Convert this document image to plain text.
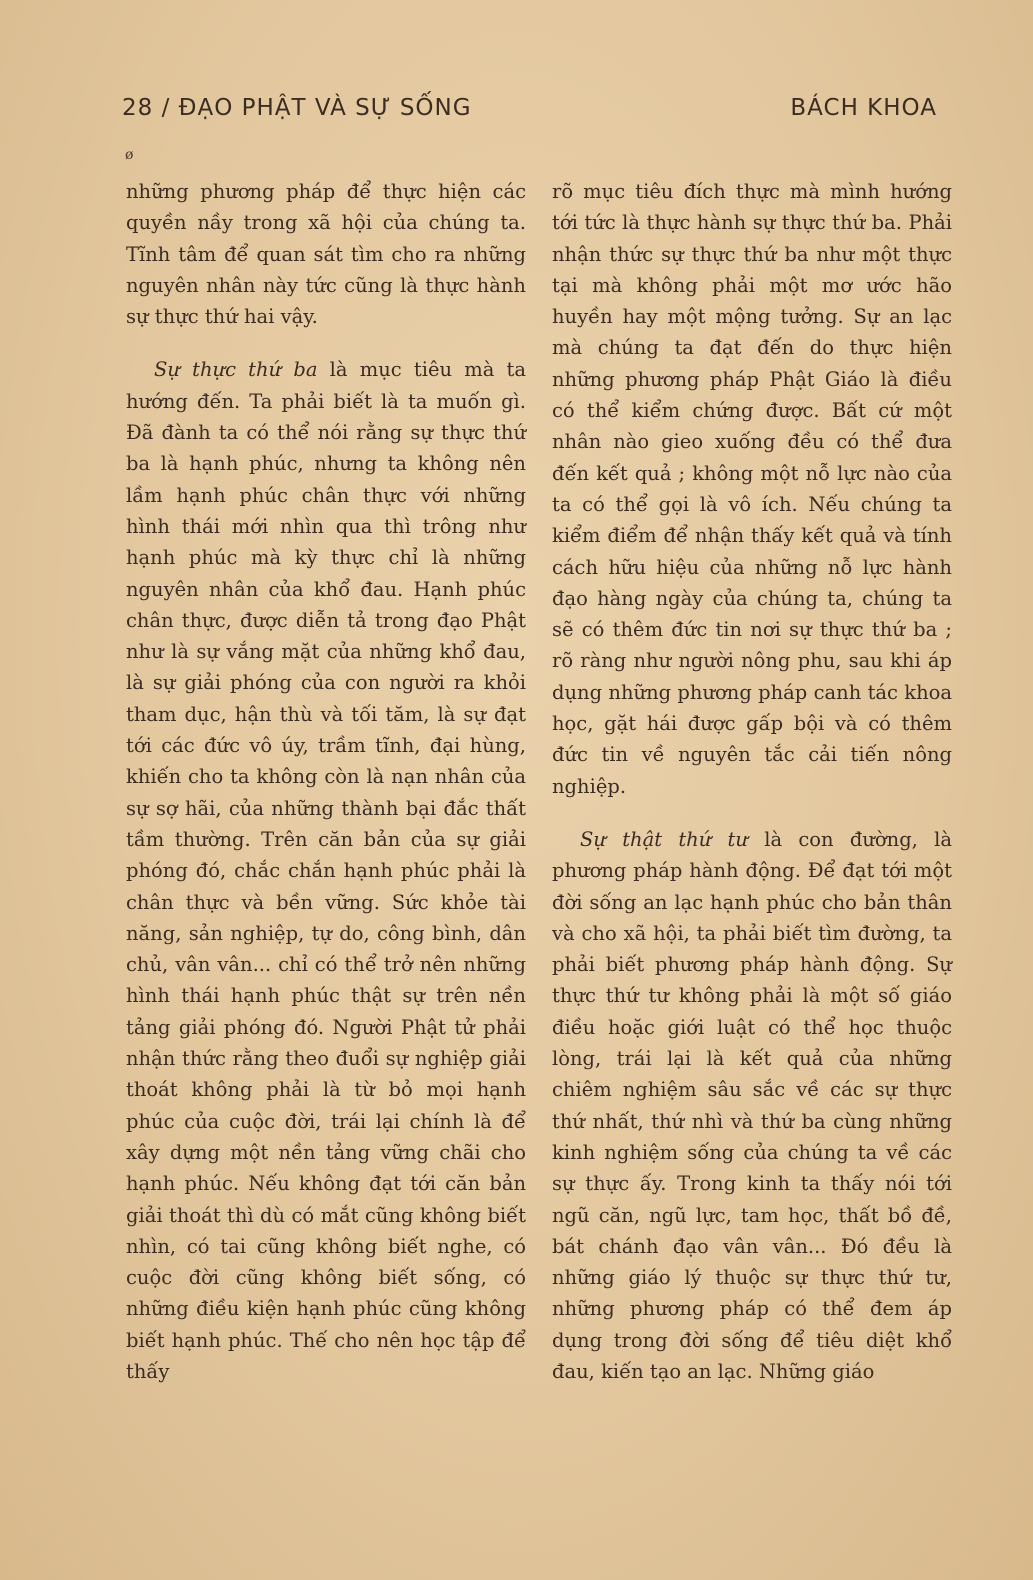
28 / ĐẠO PHẬT VÀ SỰ SỐNG	BÁCH KHOA
ø

những phương pháp để thực hiện các quyền nầy trong xã hội của chúng ta. Tĩnh tâm để quan sát tìm cho ra những nguyên nhân này tức cũng là thực hành sự thực thứ hai vậy.

Sự thực thứ ba là mục tiêu mà ta hướng đến. Ta phải biết là ta muốn gì. Đã đành ta có thể nói rằng sự thực thứ ba là hạnh phúc, nhưng ta không nên lầm hạnh phúc chân thực với những hình thái mới nhìn qua thì trông như hạnh phúc mà kỳ thực chỉ là những nguyên nhân của khổ đau. Hạnh phúc chân thực, được diễn tả trong đạo Phật như là sự vắng mặt của những khổ đau, là sự giải phóng của con người ra khỏi tham dục, hận thù và tối tăm, là sự đạt tới các đức vô úy, trầm tĩnh, đại hùng, khiến cho ta không còn là nạn nhân của sự sợ hãi, của những thành bại đắc thất tầm thường. Trên căn bản của sự giải phóng đó, chắc chắn hạnh phúc phải là chân thực và bền vững. Sức khỏe tài năng, sản nghiệp, tự do, công bình, dân chủ, vân vân... chỉ có thể trở nên những hình thái hạnh phúc thật sự trên nền tảng giải phóng đó. Người Phật tử phải nhận thức rằng theo đuổi sự nghiệp giải thoát không phải là từ bỏ mọi hạnh phúc của cuộc đời, trái lại chính là để xây dựng một nền tảng vững chãi cho hạnh phúc. Nếu không đạt tới căn bản giải thoát thì dù có mắt cũng không biết nhìn, có tai cũng không biết nghe, có cuộc đời cũng không biết sống, có những điều kiện hạnh phúc cũng không biết hạnh phúc. Thế cho nên học tập để thấy

rõ mục tiêu đích thực mà mình hướng tới tức là thực hành sự thực thứ ba. Phải nhận thức sự thực thứ ba như một thực tại mà không phải một mơ ước hão huyền hay một mộng tưởng. Sự an lạc mà chúng ta đạt đến do thực hiện những phương pháp Phật Giáo là điều có thể kiểm chứng được. Bất cứ một nhân nào gieo xuống đều có thể đưa đến kết quả ; không một nỗ lực nào của ta có thể gọi là vô ích. Nếu chúng ta kiểm điểm để nhận thấy kết quả và tính cách hữu hiệu của những nỗ lực hành đạo hàng ngày của chúng ta, chúng ta sẽ có thêm đức tin nơi sự thực thứ ba ; rõ ràng như người nông phu, sau khi áp dụng những phương pháp canh tác khoa học, gặt hái được gấp bội và có thêm đức tin về nguyên tắc cải tiến nông nghiệp.

Sự thật thứ tư là con đường, là phương pháp hành động. Để đạt tới một đời sống an lạc hạnh phúc cho bản thân và cho xã hội, ta phải biết tìm đường, ta phải biết phương pháp hành động. Sự thực thứ tư không phải là một số giáo điều hoặc giới luật có thể học thuộc lòng, trái lại là kết quả của những chiêm nghiệm sâu sắc về các sự thực thứ nhất, thứ nhì và thứ ba cùng những kinh nghiệm sống của chúng ta về các sự thực ấy. Trong kinh ta thấy nói tới ngũ căn, ngũ lực, tam học, thất bồ đề, bát chánh đạo vân vân... Đó đều là những giáo lý thuộc sự thực thứ tư, những phương pháp có thể đem áp dụng trong đời sống để tiêu diệt khổ đau, kiến tạo an lạc. Những giáo
